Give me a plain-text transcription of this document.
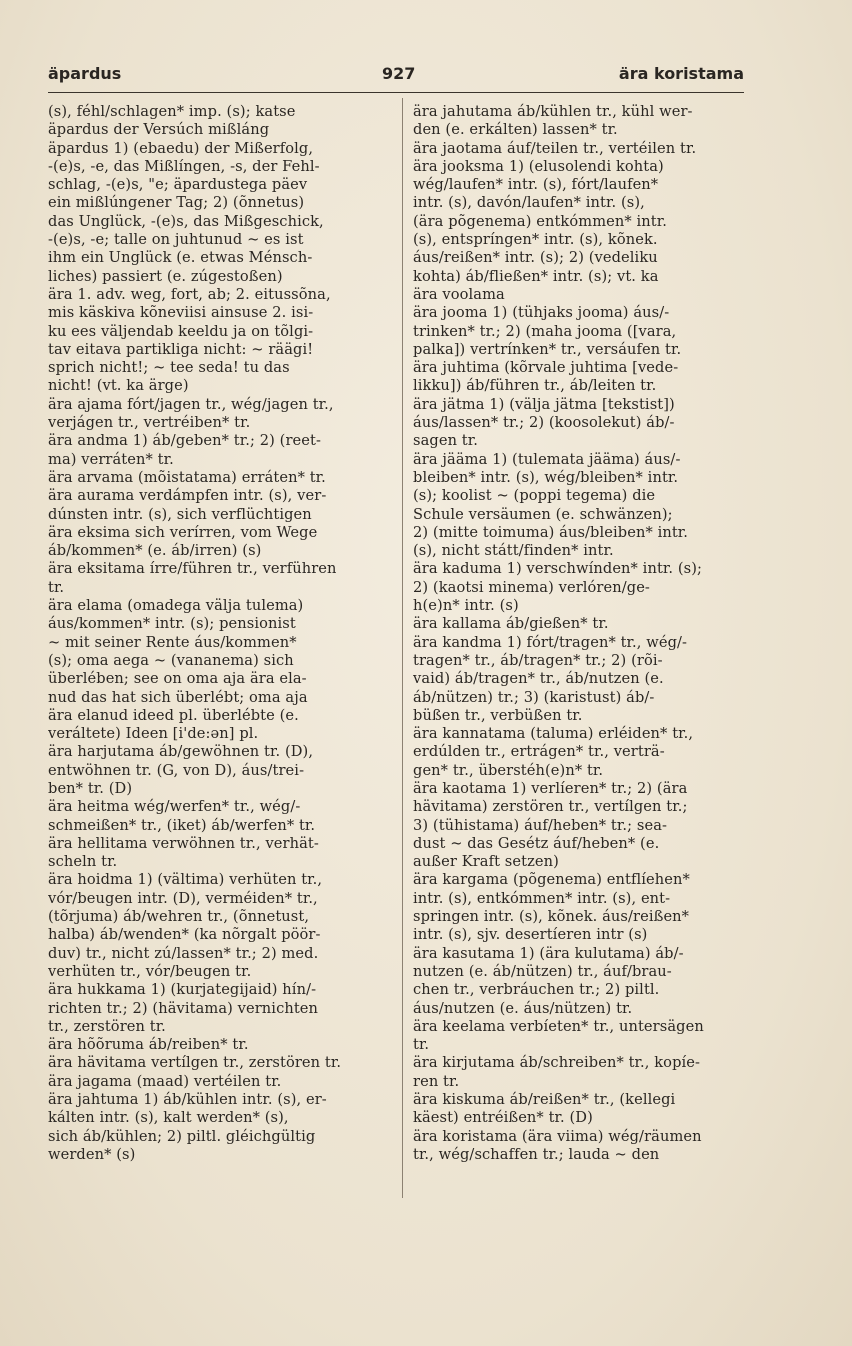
äpardus	927	ära koristama
(s), féhl/schlagen* imp. (s); katse
äpardus der Versúch mißláng
äpardus 1) (ebaedu) der Mißerfolg,
-(e)s, -e, das Mißlíngen, -s, der Fehl-
schlag, -(e)s, "e; äpardustega päev
ein mißlúngener Tag; 2) (õnnetus)
das Unglück, -(e)s, das Mißgeschick,
-(e)s, -e; talle on juhtunud ~ es ist
ihm ein Unglück (e. etwas Ménsch-
liches) passiert (e. zúgestoßen)
ära 1. adv. weg, fort, ab; 2. eitussõna,
mis käskiva kõneviisi ainsuse 2. isi-
ku ees väljendab keeldu ja on tõlgi-
tav eitava partikliga nicht: ~ räägi!
sprich nicht!; ~ tee seda! tu das
nicht! (vt. ka ärge)
ära ajama fórt/jagen tr., wég/jagen tr.,
verjágen tr., vertréiben* tr.
ära andma 1) áb/geben* tr.; 2) (reet-
ma) verráten* tr.
ära arvama (mõistatama) erráten* tr.
ära aurama verdámpfen intr. (s), ver-
dúnsten intr. (s), sich verflüchtigen
ära eksima sich verírren, vom Wege
áb/kommen* (e. áb/irren) (s)
ära eksitama írre/führen tr., verführen
tr.
ära elama (omadega välja tulema)
áus/kommen* intr. (s); pensionist
~ mit seiner Rente áus/kommen*
(s); oma aega ~ (vananema) sich
überlében; see on oma aja ära ela-
nud das hat sich überlébt; oma aja
ära elanud ideed pl. überlébte (e.
veráltete) Ideen [i'de:ən] pl.
ära harjutama áb/gewöhnen tr. (D),
entwöhnen tr. (G, von D), áus/trei-
ben* tr. (D)
ära heitma wég/werfen* tr., wég/-
schmeißen* tr., (iket) áb/werfen* tr.
ära hellitama verwöhnen tr., verhät-
scheln tr.
ära hoidma 1) (vältima) verhüten tr.,
vór/beugen intr. (D), verméiden* tr.,
(tõrjuma) áb/wehren tr., (õnnetust,
halba) áb/wenden* (ka nõrgalt pöör-
duv) tr., nicht zú/lassen* tr.; 2) med.
verhüten tr., vór/beugen tr.
ära hukkama 1) (kurjategijaid) hín/-
richten tr.; 2) (hävitama) vernichten
tr., zerstören tr.
ära hõõruma áb/reiben* tr.
ära hävitama vertílgen tr., zerstören tr.
ära jagama (maad) vertéilen tr.
ära jahtuma 1) áb/kühlen intr. (s), er-
kálten intr. (s), kalt werden* (s),
sich áb/kühlen; 2) piltl. gléichgültig
werden* (s)
ära jahutama áb/kühlen tr., kühl wer-
den (e. erkálten) lassen* tr.
ära jaotama áuf/teilen tr., vertéilen tr.
ära jooksma 1) (elusolendi kohta)
wég/laufen* intr. (s), fórt/laufen*
intr. (s), davón/laufen* intr. (s),
(ära põgenema) entkómmen* intr.
(s), entspríngen* intr. (s), kõnek.
áus/reißen* intr. (s); 2) (vedeliku
kohta) áb/fließen* intr. (s); vt. ka
ära voolama
ära jooma 1) (tühjaks jooma) áus/-
trinken* tr.; 2) (maha jooma ([vara,
palka]) vertrínken* tr., versáufen tr.
ära juhtima (kõrvale juhtima [vede-
likku]) áb/führen tr., áb/leiten tr.
ära jätma 1) (välja jätma [tekstist])
áus/lassen* tr.; 2) (koosolekut) áb/-
sagen tr.
ära jääma 1) (tulemata jääma) áus/-
bleiben* intr. (s), wég/bleiben* intr.
(s); koolist ~ (poppi tegema) die
Schule versäumen (e. schwänzen);
2) (mitte toimuma) áus/bleiben* intr.
(s), nicht státt/finden* intr.
ära kaduma 1) verschwínden* intr. (s);
2) (kaotsi minema) verlóren/ge-
h(e)n* intr. (s)
ära kallama áb/gießen* tr.
ära kandma 1) fórt/tragen* tr., wég/-
tragen* tr., áb/tragen* tr.; 2) (rõi-
vaid) áb/tragen* tr., áb/nutzen (e.
áb/nützen) tr.; 3) (karistust) áb/-
büßen tr., verbüßen tr.
ära kannatama (taluma) erléiden* tr.,
erdúlden tr., ertrágen* tr., verträ-
gen* tr., überstéh(e)n* tr.
ära kaotama 1) verlíeren* tr.; 2) (ära
hävitama) zerstören tr., vertílgen tr.;
3) (tühistama) áuf/heben* tr.; sea-
dust ~ das Gesétz áuf/heben* (e.
außer Kraft setzen)
ära kargama (põgenema) entflíehen*
intr. (s), entkómmen* intr. (s), ent-
springen intr. (s), kõnek. áus/reißen*
intr. (s), sjv. desertíeren intr (s)
ära kasutama 1) (ära kulutama) áb/-
nutzen (e. áb/nützen) tr., áuf/brau-
chen tr., verbráuchen tr.; 2) piltl.
áus/nutzen (e. áus/nützen) tr.
ära keelama verbíeten* tr., untersägen
tr.
ära kirjutama áb/schreiben* tr., kopíe-
ren tr.
ära kiskuma áb/reißen* tr., (kellegi
käest) entréißen* tr. (D)
ära koristama (ära viima) wég/räumen
tr., wég/schaffen tr.; lauda ~ den
